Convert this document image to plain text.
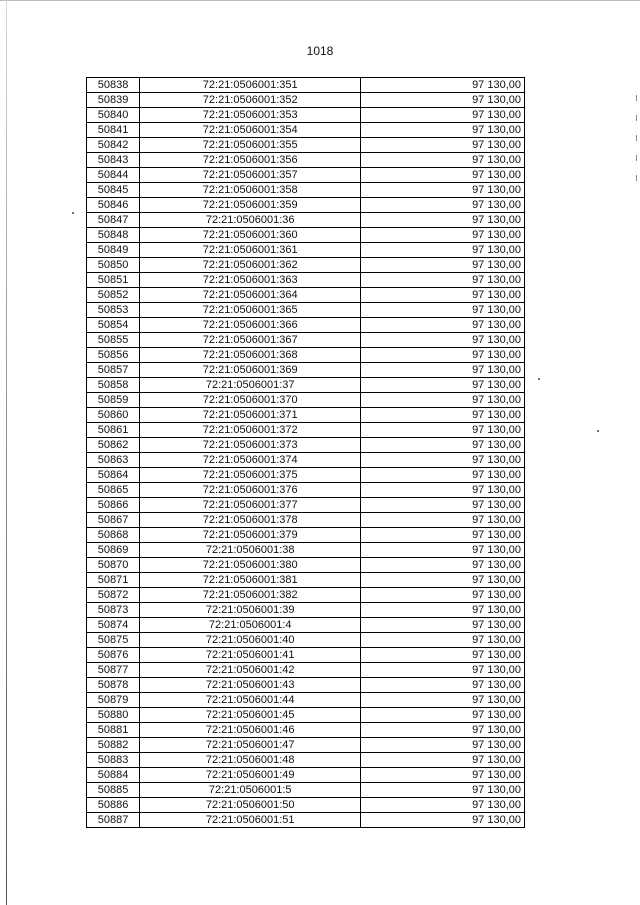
1018
50838	72:21:0506001:351	97 130,00
50839	72:21:0506001:352	97 130,00
50840	72:21:0506001:353	97 130,00
50841	72:21:0506001:354	97 130,00
50842	72:21:0506001:355	97 130,00
50843	72:21:0506001:356	97 130,00
50844	72:21:0506001:357	97 130,00
50845	72:21:0506001:358	97 130,00
50846	72:21:0506001:359	97 130,00
50847	72:21:0506001:36	97 130,00
50848	72:21:0506001:360	97 130,00
50849	72:21:0506001:361	97 130,00
50850	72:21:0506001:362	97 130,00
50851	72:21:0506001:363	97 130,00
50852	72:21:0506001:364	97 130,00
50853	72:21:0506001:365	97 130,00
50854	72:21:0506001:366	97 130,00
50855	72:21:0506001:367	97 130,00
50856	72:21:0506001:368	97 130,00
50857	72:21:0506001:369	97 130,00
50858	72:21:0506001:37	97 130,00
50859	72:21:0506001:370	97 130,00
50860	72:21:0506001:371	97 130,00
50861	72:21:0506001:372	97 130,00
50862	72:21:0506001:373	97 130,00
50863	72:21:0506001:374	97 130,00
50864	72:21:0506001:375	97 130,00
50865	72:21:0506001:376	97 130,00
50866	72:21:0506001:377	97 130,00
50867	72:21:0506001:378	97 130,00
50868	72:21:0506001:379	97 130,00
50869	72:21:0506001:38	97 130,00
50870	72:21:0506001:380	97 130,00
50871	72:21:0506001:381	97 130,00
50872	72:21:0506001:382	97 130,00
50873	72:21:0506001:39	97 130,00
50874	72:21:0506001:4	97 130,00
50875	72:21:0506001:40	97 130,00
50876	72:21:0506001:41	97 130,00
50877	72:21:0506001:42	97 130,00
50878	72:21:0506001:43	97 130,00
50879	72:21:0506001:44	97 130,00
50880	72:21:0506001:45	97 130,00
50881	72:21:0506001:46	97 130,00
50882	72:21:0506001:47	97 130,00
50883	72:21:0506001:48	97 130,00
50884	72:21:0506001:49	97 130,00
50885	72:21:0506001:5	97 130,00
50886	72:21:0506001:50	97 130,00
50887	72:21:0506001:51	97 130,00
